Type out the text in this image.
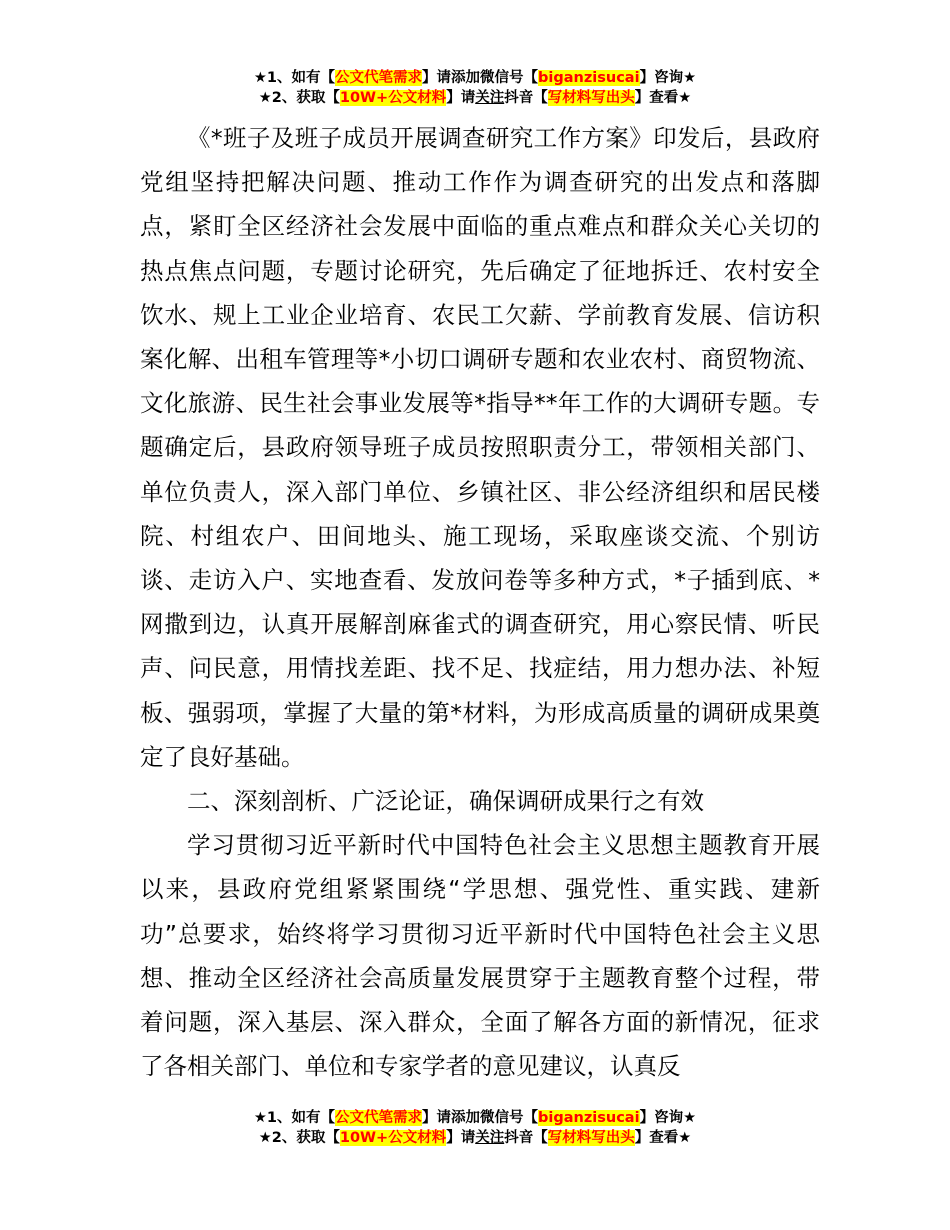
★1、如有【公文代笔需求】请添加微信号【biganzisucai】咨询★
★2、获取【10W+公文材料】请关注抖音【写材料写出头】查看★

《*班子及班子成员开展调查研究工作方案》印发后，县政府党组坚持把解决问题、推动工作作为调查研究的出发点和落脚点，紧盯全区经济社会发展中面临的重点难点和群众关心关切的热点焦点问题，专题讨论研究，先后确定了征地拆迁、农村安全饮水、规上工业企业培育、农民工欠薪、学前教育发展、信访积案化解、出租车管理等*小切口调研专题和农业农村、商贸物流、文化旅游、民生社会事业发展等*指导**年工作的大调研专题。专题确定后，县政府领导班子成员按照职责分工，带领相关部门、单位负责人，深入部门单位、乡镇社区、非公经济组织和居民楼院、村组农户、田间地头、施工现场，采取座谈交流、个别访谈、走访入户、实地查看、发放问卷等多种方式，*子插到底、*网撒到边，认真开展解剖麻雀式的调查研究，用心察民情、听民声、问民意，用情找差距、找不足、找症结，用力想办法、补短板、强弱项，掌握了大量的第*材料，为形成高质量的调研成果奠定了良好基础。

二、深刻剖析、广泛论证，确保调研成果行之有效

学习贯彻习近平新时代中国特色社会主义思想主题教育开展以来，县政府党组紧紧围绕“学思想、强党性、重实践、建新功”总要求，始终将学习贯彻习近平新时代中国特色社会主义思想、推动全区经济社会高质量发展贯穿于主题教育整个过程，带着问题，深入基层、深入群众，全面了解各方面的新情况，征求了各相关部门、单位和专家学者的意见建议，认真反

★1、如有【公文代笔需求】请添加微信号【biganzisucai】咨询★
★2、获取【10W+公文材料】请关注抖音【写材料写出头】查看★
